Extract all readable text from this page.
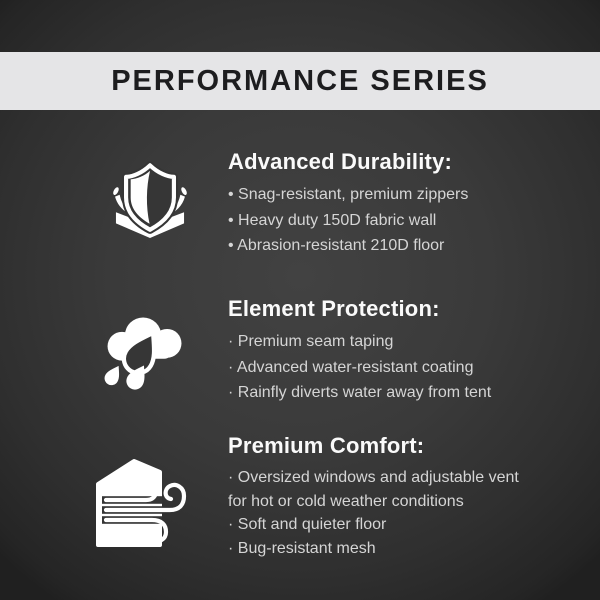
PERFORMANCE SERIES
Advanced Durability:
• Snag-resistant, premium zippers
• Heavy duty 150D fabric wall
• Abrasion-resistant 210D floor
Element Protection:
· Premium seam taping
· Advanced water-resistant coating
· Rainfly diverts water away from tent
Premium Comfort:
· Oversized windows and adjustable vent for hot or cold weather conditions
· Soft and quieter floor
· Bug-resistant mesh
